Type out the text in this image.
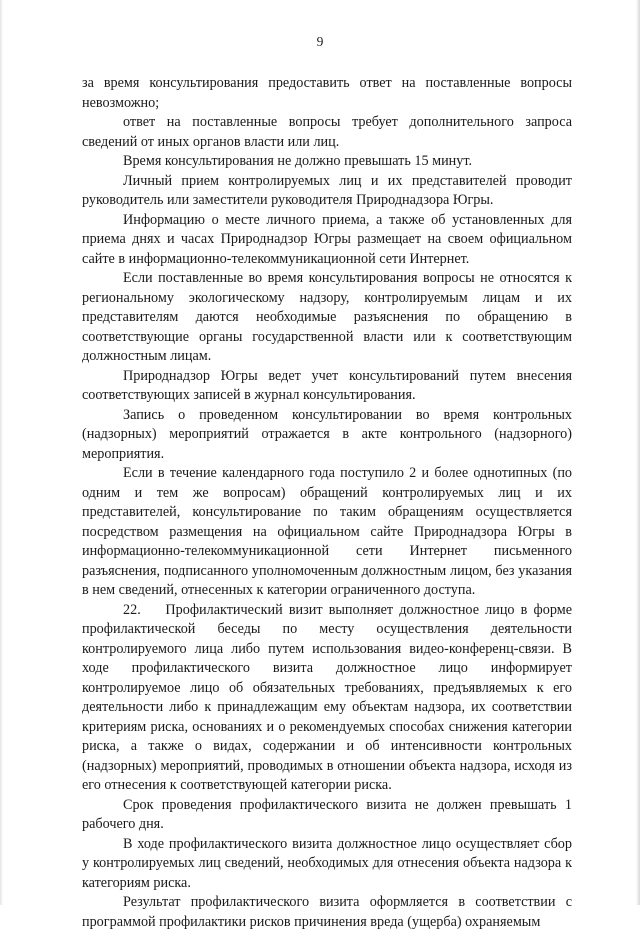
9

за время консультирования предоставить ответ на поставленные вопросы невозможно;

ответ на поставленные вопросы требует дополнительного запроса сведений от иных органов власти или лиц.

Время консультирования не должно превышать 15 минут.

Личный прием контролируемых лиц и их представителей проводит руководитель или заместители руководителя Природнадзора Югры.

Информацию о месте личного приема, а также об установленных для приема днях и часах Природнадзор Югры размещает на своем официальном сайте в информационно-телекоммуникационной сети Интернет.

Если поставленные во время консультирования вопросы не относятся к региональному экологическому надзору, контролируемым лицам и их представителям даются необходимые разъяснения по обращению в соответствующие органы государственной власти или к соответствующим должностным лицам.

Природнадзор Югры ведет учет консультирований путем внесения соответствующих записей в журнал консультирования.

Запись о проведенном консультировании во время контрольных (надзорных) мероприятий отражается в акте контрольного (надзорного) мероприятия.

Если в течение календарного года поступило 2 и более однотипных (по одним и тем же вопросам) обращений контролируемых лиц и их представителей, консультирование по таким обращениям осуществляется посредством размещения на официальном сайте Природнадзора Югры в информационно-телекоммуникационной сети Интернет письменного разъяснения, подписанного уполномоченным должностным лицом, без указания в нем сведений, отнесенных к категории ограниченного доступа.

22.    Профилактический визит выполняет должностное лицо в форме профилактической беседы по месту осуществления деятельности контролируемого лица либо путем использования видео-конференц-связи. В ходе профилактического визита должностное лицо информирует контролируемое лицо об обязательных требованиях, предъявляемых к его деятельности либо к принадлежащим ему объектам надзора, их соответствии критериям риска, основаниях и о рекомендуемых способах снижения категории риска, а также о видах, содержании и об интенсивности контрольных (надзорных) мероприятий, проводимых в отношении объекта надзора, исходя из его отнесения к соответствующей категории риска.

Срок проведения профилактического визита не должен превышать 1 рабочего дня.

В ходе профилактического визита должностное лицо осуществляет сбор у контролируемых лиц сведений, необходимых для отнесения объекта надзора к категориям риска.

Результат профилактического визита оформляется в соответствии с программой профилактики рисков причинения вреда (ущерба) охраняемым
